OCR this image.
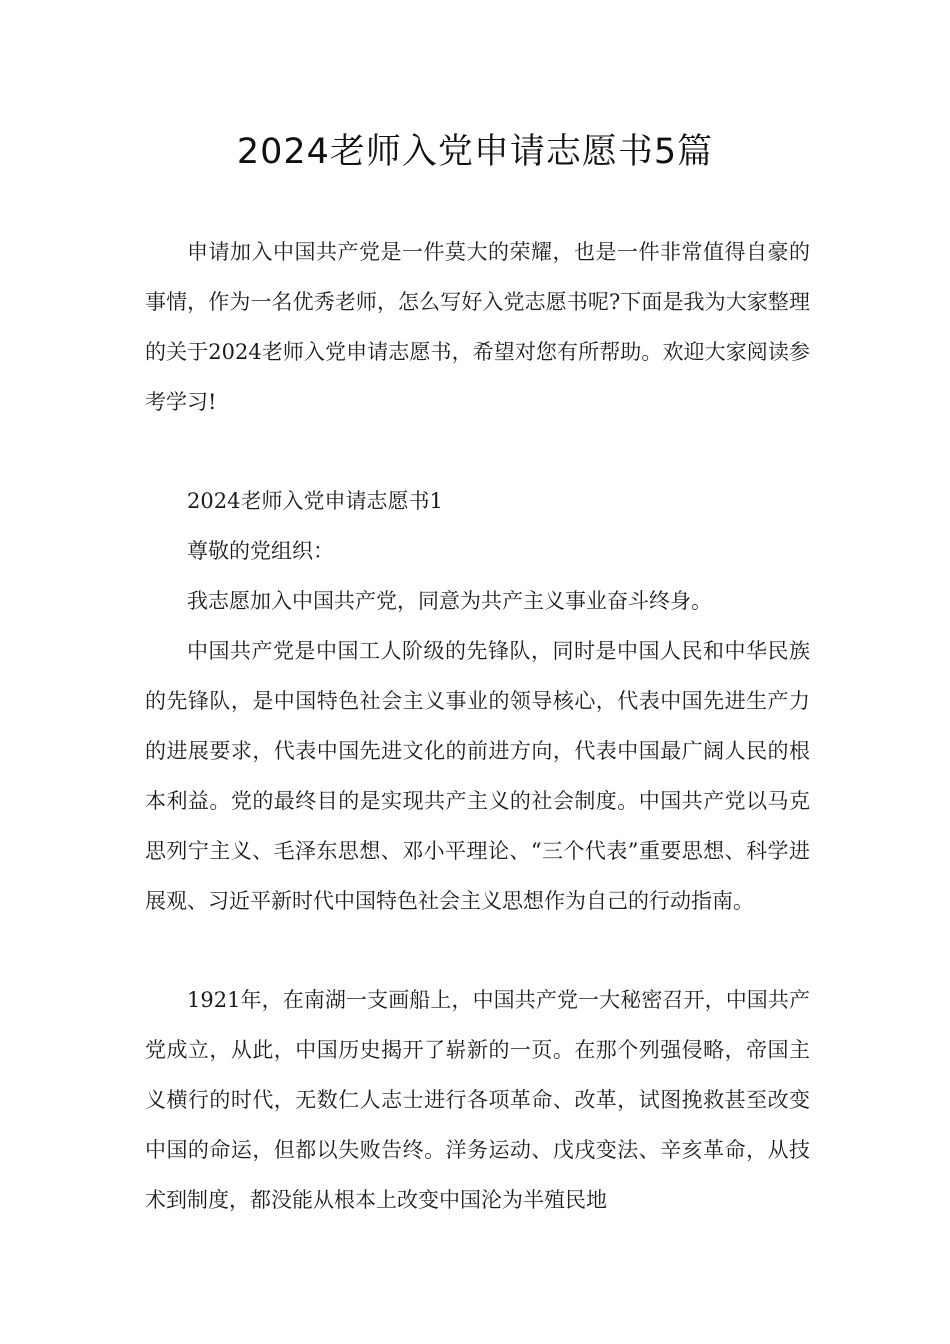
2024老师入党申请志愿书5篇
申请加入中国共产党是一件莫大的荣耀，也是一件非常值得自豪的事情，作为一名优秀老师，怎么写好入党志愿书呢?下面是我为大家整理的关于2024老师入党申请志愿书，希望对您有所帮助。欢迎大家阅读参考学习!
2024老师入党申请志愿书1
尊敬的党组织：
我志愿加入中国共产党，同意为共产主义事业奋斗终身。
中国共产党是中国工人阶级的先锋队，同时是中国人民和中华民族的先锋队，是中国特色社会主义事业的领导核心，代表中国先进生产力的进展要求，代表中国先进文化的前进方向，代表中国最广阔人民的根本利益。党的最终目的是实现共产主义的社会制度。中国共产党以马克思列宁主义、毛泽东思想、邓小平理论、“三个代表”重要思想、科学进展观、习近平新时代中国特色社会主义思想作为自己的行动指南。
1921年，在南湖一支画船上，中国共产党一大秘密召开，中国共产党成立，从此，中国历史揭开了崭新的一页。在那个列强侵略，帝国主义横行的时代，无数仁人志士进行各项革命、改革，试图挽救甚至改变中国的命运，但都以失败告终。洋务运动、戊戌变法、辛亥革命，从技术到制度，都没能从根本上改变中国沦为半殖民地
